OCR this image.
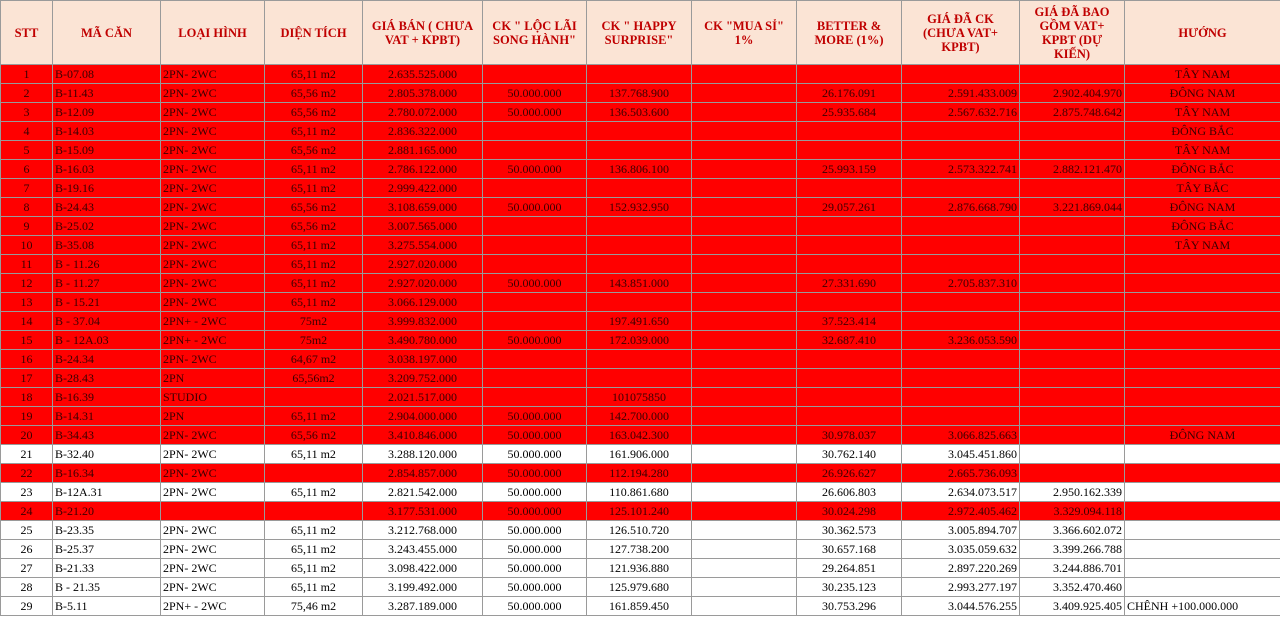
STT	MÃ CĂN	LOẠI HÌNH	DIỆN TÍCH	GIÁ BÁN ( CHƯA VAT + KPBT)	CK " LỘC LÃI SONG HÀNH"	CK " HAPPY SURPRISE"	CK "MUA SỈ" 1%	BETTER & MORE (1%)	GIÁ ĐÃ CK (CHƯA VAT+ KPBT)	GIÁ ĐÃ BAO GỒM VAT+ KPBT (DỰ KIẾN)	HƯỚNG
1	B-07.08	2PN- 2WC	65,11 m2	2.635.525.000							TÂY NAM
2	B-11.43	2PN- 2WC	65,56 m2	2.805.378.000	50.000.000	137.768.900		26.176.091	2.591.433.009	2.902.404.970	ĐÔNG NAM
3	B-12.09	2PN- 2WC	65,56 m2	2.780.072.000	50.000.000	136.503.600		25.935.684	2.567.632.716	2.875.748.642	TÂY NAM
4	B-14.03	2PN- 2WC	65,11 m2	2.836.322.000							ĐÔNG BẮC
5	B-15.09	2PN- 2WC	65,56 m2	2.881.165.000							TÂY NAM
6	B-16.03	2PN- 2WC	65,11 m2	2.786.122.000	50.000.000	136.806.100		25.993.159	2.573.322.741	2.882.121.470	ĐÔNG BẮC
7	B-19.16	2PN- 2WC	65,11 m2	2.999.422.000							TÂY BẮC
8	B-24.43	2PN- 2WC	65,56 m2	3.108.659.000	50.000.000	152.932.950		29.057.261	2.876.668.790	3.221.869.044	ĐÔNG NAM
9	B-25.02	2PN- 2WC	65,56 m2	3.007.565.000							ĐÔNG BẮC
10	B-35.08	2PN- 2WC	65,11 m2	3.275.554.000							TÂY NAM
11	B - 11.26	2PN- 2WC	65,11 m2	2.927.020.000							
12	B - 11.27	2PN- 2WC	65,11 m2	2.927.020.000	50.000.000	143.851.000		27.331.690	2.705.837.310		
13	B - 15.21	2PN- 2WC	65,11 m2	3.066.129.000							
14	B - 37.04	2PN+ - 2WC	75m2	3.999.832.000		197.491.650		37.523.414			
15	B - 12A.03	2PN+ - 2WC	75m2	3.490.780.000	50.000.000	172.039.000		32.687.410	3.236.053.590		
16	B-24.34	2PN- 2WC	64,67 m2	3.038.197.000							
17	B-28.43	2PN	65,56m2	3.209.752.000							
18	B-16.39	STUDIO		2.021.517.000		101075850					
19	B-14.31	2PN	65,11 m2	2.904.000.000	50.000.000	142.700.000					
20	B-34.43	2PN- 2WC	65,56 m2	3.410.846.000	50.000.000	163.042.300		30.978.037	3.066.825.663		ĐÔNG NAM
21	B-32.40	2PN- 2WC	65,11 m2	3.288.120.000	50.000.000	161.906.000		30.762.140	3.045.451.860		
22	B-16.34	2PN- 2WC		2.854.857.000	50.000.000	112.194.280		26.926.627	2.665.736.093		
23	B-12A.31	2PN- 2WC	65,11 m2	2.821.542.000	50.000.000	110.861.680		26.606.803	2.634.073.517	2.950.162.339	
24	B-21.20			3.177.531.000	50.000.000	125.101.240		30.024.298	2.972.405.462	3.329.094.118	
25	B-23.35	2PN- 2WC	65,11 m2	3.212.768.000	50.000.000	126.510.720		30.362.573	3.005.894.707	3.366.602.072	
26	B-25.37	2PN- 2WC	65,11 m2	3.243.455.000	50.000.000	127.738.200		30.657.168	3.035.059.632	3.399.266.788	
27	B-21.33	2PN- 2WC	65,11 m2	3.098.422.000	50.000.000	121.936.880		29.264.851	2.897.220.269	3.244.886.701	
28	B - 21.35	2PN- 2WC	65,11 m2	3.199.492.000	50.000.000	125.979.680		30.235.123	2.993.277.197	3.352.470.460	
29	B-5.11	2PN+ - 2WC	75,46 m2	3.287.189.000	50.000.000	161.859.450		30.753.296	3.044.576.255	3.409.925.405	CHÊNH +100.000.000
